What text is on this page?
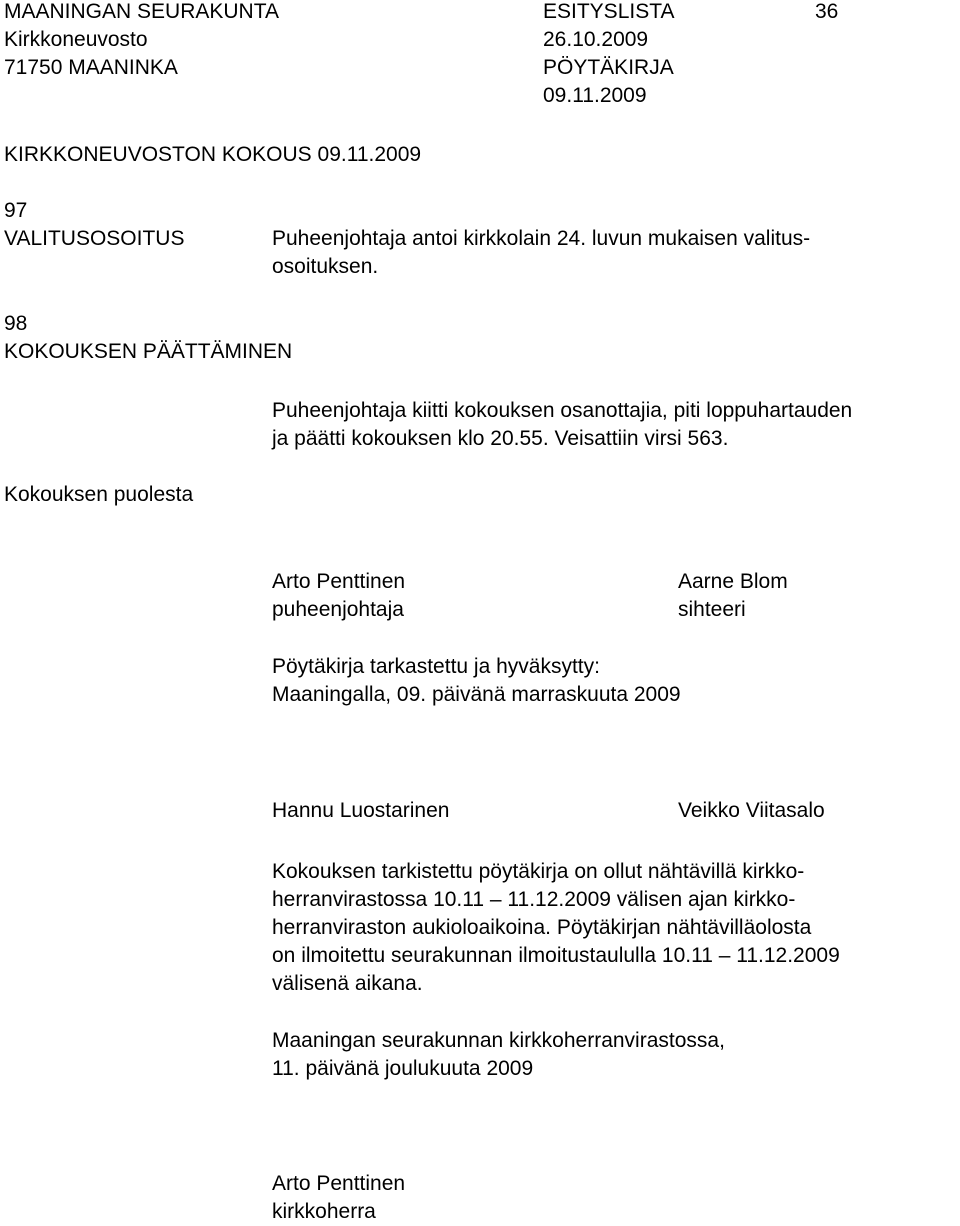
MAANINGAN SEURAKUNTA
Kirkkoneuvosto
71750 MAANINKA
ESITYSLISTA
26.10.2009
PÖYTÄKIRJA
09.11.2009
36
KIRKKONEUVOSTON KOKOUS 09.11.2009
97
VALITUSOSOITUS	Puheenjohtaja antoi kirkkolain 24. luvun mukaisen valitus-
osoituksen.
98
KOKOUKSEN PÄÄTTÄMINEN
Puheenjohtaja kiitti kokouksen osanottajia, piti loppuhartauden
ja päätti kokouksen klo 20.55. Veisattiin virsi 563.
Kokouksen puolesta
Arto Penttinen
puheenjohtaja
Aarne Blom
sihteeri
Pöytäkirja tarkastettu ja hyväksytty:
Maaningalla, 09. päivänä marraskuuta 2009
Hannu Luostarinen	Veikko Viitasalo
Kokouksen tarkistettu pöytäkirja on ollut nähtävillä kirkko-
herranvirastossa 10.11 – 11.12.2009 välisen ajan kirkko-
herranviraston aukioloaikoina. Pöytäkirjan nähtävilläolosta
on ilmoitettu seurakunnan ilmoitustaululla 10.11 – 11.12.2009
välisenä aikana.
Maaningan seurakunnan kirkkoherranvirastossa,
11. päivänä joulukuuta 2009
Arto Penttinen
kirkkoherra
